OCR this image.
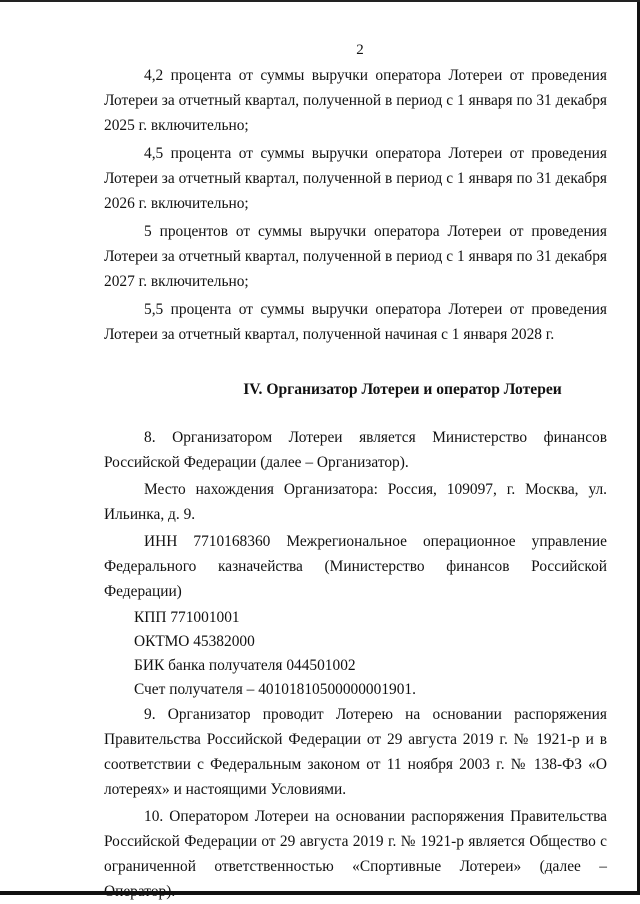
2

4,2 процента от суммы выручки оператора Лотереи от проведения Лотереи за отчетный квартал, полученной в период с 1 января по 31 декабря 2025 г. включительно;

4,5 процента от суммы выручки оператора Лотереи от проведения Лотереи за отчетный квартал, полученной в период с 1 января по 31 декабря 2026 г. включительно;

5 процентов от суммы выручки оператора Лотереи от проведения Лотереи за отчетный квартал, полученной в период с 1 января по 31 декабря 2027 г. включительно;

5,5 процента от суммы выручки оператора Лотереи от проведения Лотереи за отчетный квартал, полученной начиная с 1 января 2028 г.

IV. Организатор Лотереи и оператор Лотереи

8. Организатором Лотереи является Министерство финансов Российской Федерации (далее – Организатор).

Место нахождения Организатора: Россия, 109097, г. Москва, ул. Ильинка, д. 9.

ИНН 7710168360 Межрегиональное операционное управление Федерального казначейства (Министерство финансов Российской Федерации)

КПП 771001001

ОКТМО 45382000

БИК банка получателя 044501002

Счет получателя – 40101810500000001901.

9. Организатор проводит Лотерею на основании распоряжения Правительства Российской Федерации от 29 августа 2019 г. № 1921-р и в соответствии с Федеральным законом от 11 ноября 2003 г. № 138-ФЗ «О лотереях» и настоящими Условиями.

10. Оператором Лотереи на основании распоряжения Правительства Российской Федерации от 29 августа 2019 г. № 1921-р является Общество с ограниченной ответственностью «Спортивные Лотереи» (далее – Оператор).
